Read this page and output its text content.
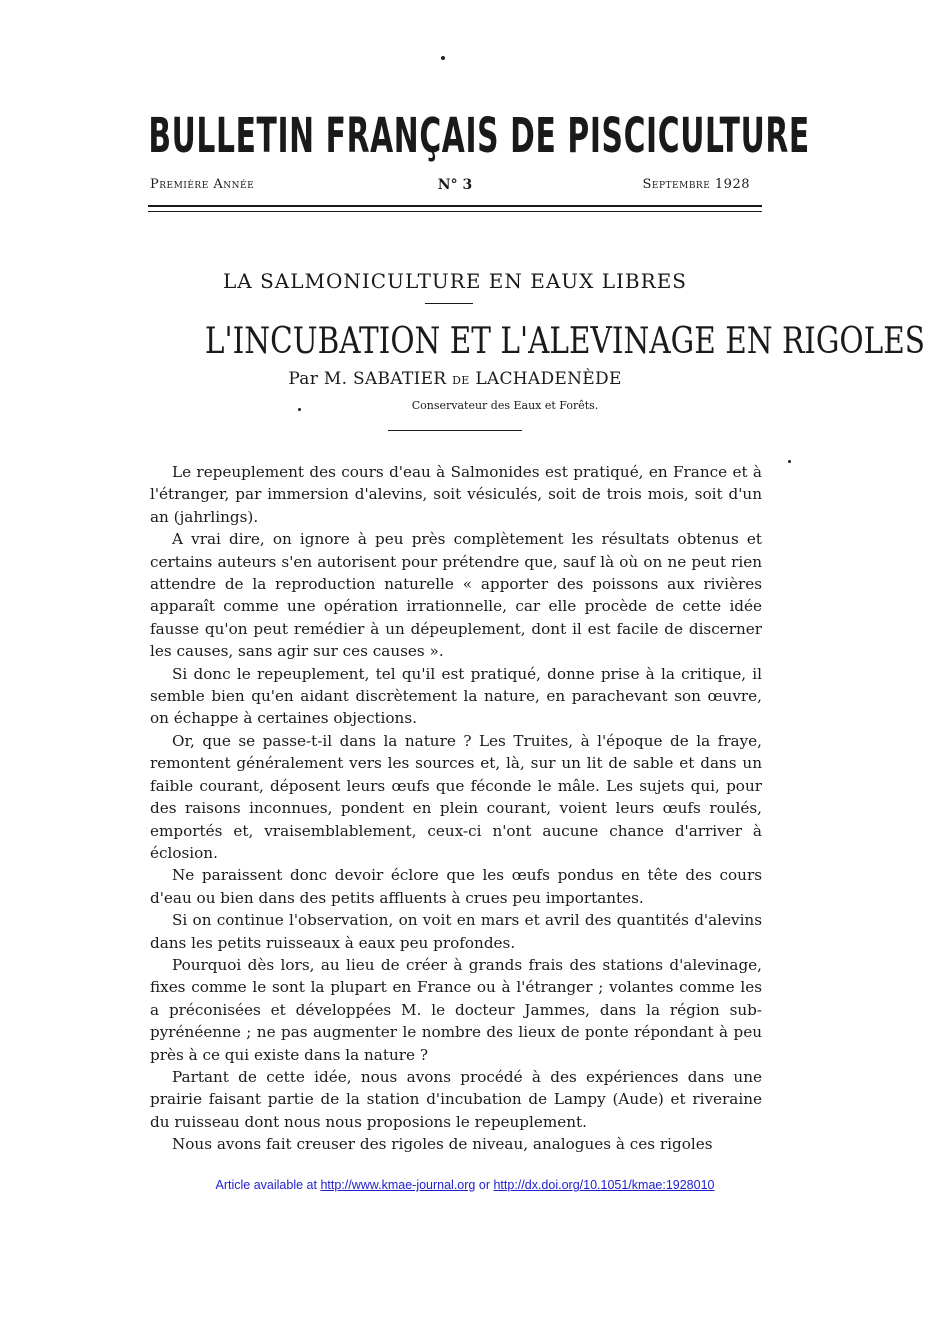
BULLETIN FRANÇAIS DE PISCICULTURE
Première Année	N° 3	Septembre 1928
LA SALMONICULTURE EN EAUX LIBRES
L'INCUBATION ET L'ALEVINAGE EN RIGOLES
Par M. SABATIER de LACHADENÈDE
Conservateur des Eaux et Forêts.

Le repeuplement des cours d'eau à Salmonides est pratiqué, en France et à l'étranger, par immersion d'alevins, soit vésiculés, soit de trois mois, soit d'un an (jahrlings).

A vrai dire, on ignore à peu près complètement les résultats obtenus et certains auteurs s'en autorisent pour prétendre que, sauf là où on ne peut rien attendre de la reproduction naturelle « apporter des poissons aux rivières apparaît comme une opération irrationnelle, car elle procède de cette idée fausse qu'on peut remédier à un dépeuplement, dont il est facile de discerner les causes, sans agir sur ces causes ».

Si donc le repeuplement, tel qu'il est pratiqué, donne prise à la critique, il semble bien qu'en aidant discrètement la nature, en parachevant son œuvre, on échappe à certaines objections.

Or, que se passe-t-il dans la nature ? Les Truites, à l'époque de la fraye, remontent généralement vers les sources et, là, sur un lit de sable et dans un faible courant, déposent leurs œufs que féconde le mâle. Les sujets qui, pour des raisons inconnues, pondent en plein courant, voient leurs œufs roulés, emportés et, vraisemblablement, ceux-ci n'ont aucune chance d'arriver à éclosion.

Ne paraissent donc devoir éclore que les œufs pondus en tête des cours d'eau ou bien dans des petits affluents à crues peu importantes.

Si on continue l'observation, on voit en mars et avril des quantités d'alevins dans les petits ruisseaux à eaux peu profondes.

Pourquoi dès lors, au lieu de créer à grands frais des stations d'alevinage, fixes comme le sont la plupart en France ou à l'étranger ; volantes comme les a préconisées et développées M. le docteur Jammes, dans la région sub-pyrénéenne ; ne pas augmenter le nombre des lieux de ponte répondant à peu près à ce qui existe dans la nature ?

Partant de cette idée, nous avons procédé à des expériences dans une prairie faisant partie de la station d'incubation de Lampy (Aude) et riveraine du ruisseau dont nous nous proposions le repeuplement.

Nous avons fait creuser des rigoles de niveau, analogues à ces rigoles

Article available at http://www.kmae-journal.org or http://dx.doi.org/10.1051/kmae:1928010
